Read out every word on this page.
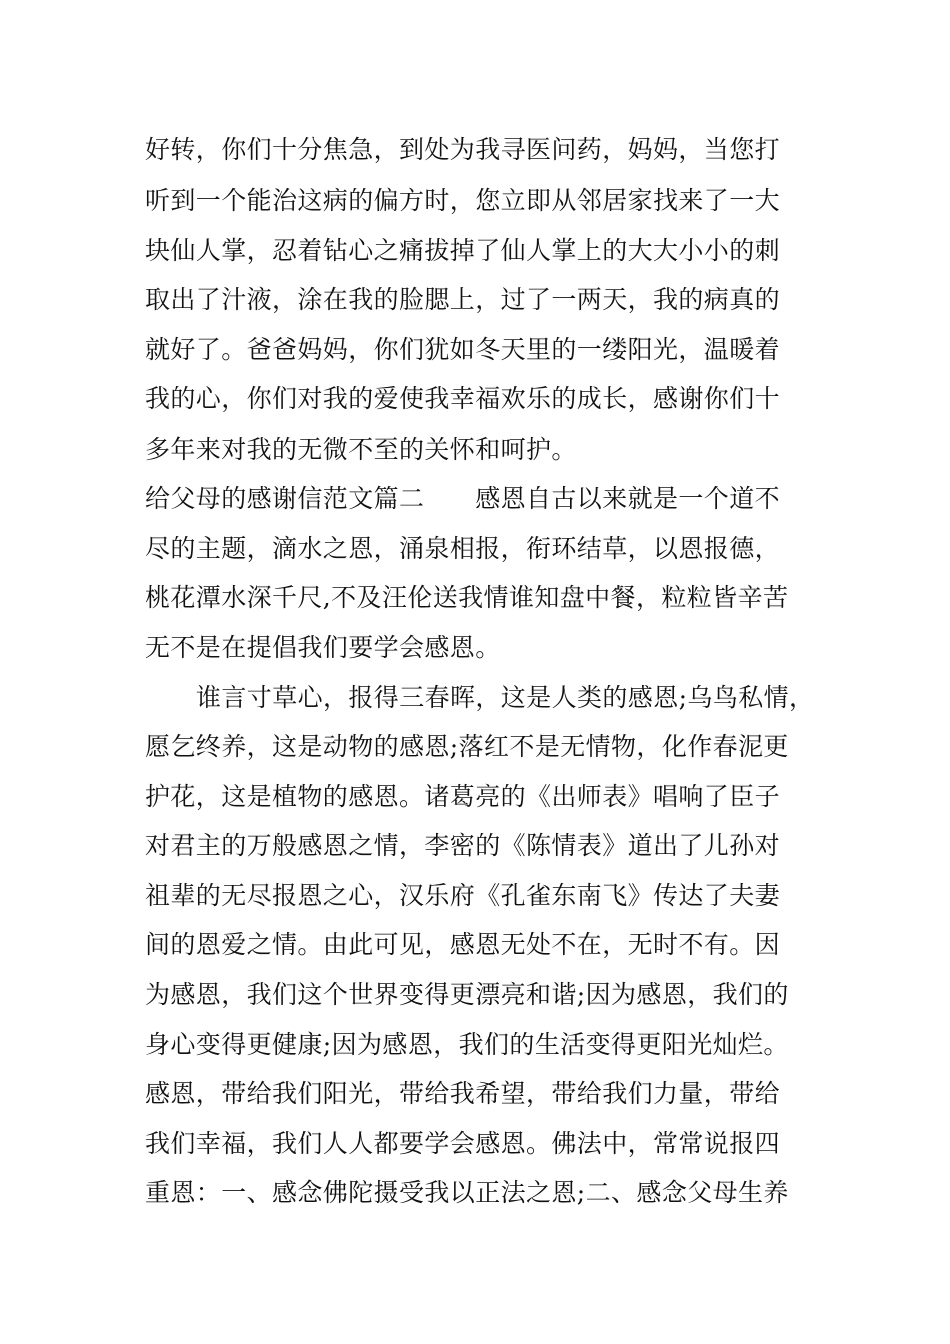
好转，你们十分焦急，到处为我寻医问药，妈妈，当您打
听到一个能治这病的偏方时，您立即从邻居家找来了一大
块仙人掌，忍着钻心之痛拔掉了仙人掌上的大大小小的刺
取出了汁液，涂在我的脸腮上，过了一两天，我的病真的
就好了。爸爸妈妈，你们犹如冬天里的一缕阳光，温暖着
我的心，你们对我的爱使我幸福欢乐的成长，感谢你们十
多年来对我的无微不至的关怀和呵护。
给父母的感谢信范文篇二　　感恩自古以来就是一个道不
尽的主题，滴水之恩，涌泉相报，衔环结草，以恩报德，
桃花潭水深千尺,不及汪伦送我情谁知盘中餐，粒粒皆辛苦
无不是在提倡我们要学会感恩。
谁言寸草心，报得三春晖，这是人类的感恩;乌鸟私情，
愿乞终养，这是动物的感恩;落红不是无情物，化作春泥更
护花，这是植物的感恩。诸葛亮的《出师表》唱响了臣子
对君主的万般感恩之情，李密的《陈情表》道出了儿孙对
祖辈的无尽报恩之心，汉乐府《孔雀东南飞》传达了夫妻
间的恩爱之情。由此可见，感恩无处不在，无时不有。因
为感恩，我们这个世界变得更漂亮和谐;因为感恩，我们的
身心变得更健康;因为感恩，我们的生活变得更阳光灿烂。
感恩，带给我们阳光，带给我希望，带给我们力量，带给
我们幸福，我们人人都要学会感恩。佛法中，常常说报四
重恩：一、感念佛陀摄受我以正法之恩;二、感念父母生养
